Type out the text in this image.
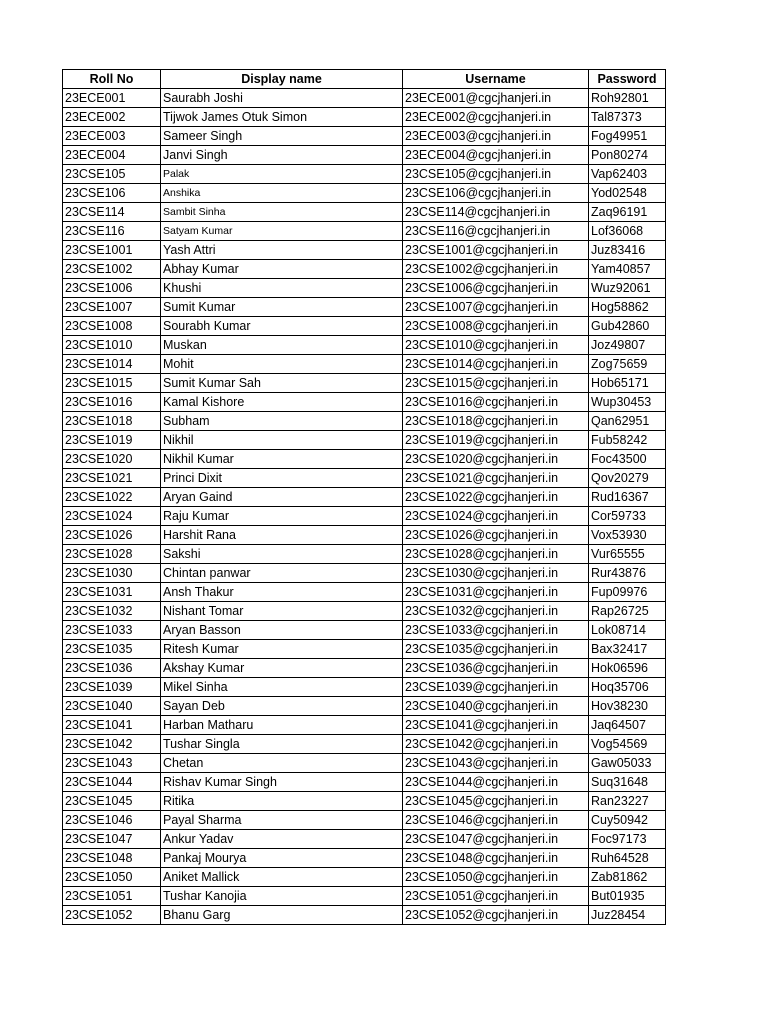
Roll No	Display name	Username	Password
23ECE001	Saurabh Joshi	23ECE001@cgcjhanjeri.in	Roh92801
23ECE002	Tijwok James Otuk Simon	23ECE002@cgcjhanjeri.in	Tal87373
23ECE003	Sameer Singh	23ECE003@cgcjhanjeri.in	Fog49951
23ECE004	Janvi Singh	23ECE004@cgcjhanjeri.in	Pon80274
23CSE105	Palak	23CSE105@cgcjhanjeri.in	Vap62403
23CSE106	Anshika	23CSE106@cgcjhanjeri.in	Yod02548
23CSE114	Sambit Sinha	23CSE114@cgcjhanjeri.in	Zaq96191
23CSE116	Satyam Kumar	23CSE116@cgcjhanjeri.in	Lof36068
23CSE1001	Yash Attri	23CSE1001@cgcjhanjeri.in	Juz83416
23CSE1002	Abhay Kumar	23CSE1002@cgcjhanjeri.in	Yam40857
23CSE1006	Khushi	23CSE1006@cgcjhanjeri.in	Wuz92061
23CSE1007	Sumit Kumar	23CSE1007@cgcjhanjeri.in	Hog58862
23CSE1008	Sourabh Kumar	23CSE1008@cgcjhanjeri.in	Gub42860
23CSE1010	Muskan	23CSE1010@cgcjhanjeri.in	Joz49807
23CSE1014	Mohit	23CSE1014@cgcjhanjeri.in	Zog75659
23CSE1015	Sumit Kumar Sah	23CSE1015@cgcjhanjeri.in	Hob65171
23CSE1016	Kamal Kishore	23CSE1016@cgcjhanjeri.in	Wup30453
23CSE1018	Subham	23CSE1018@cgcjhanjeri.in	Qan62951
23CSE1019	Nikhil	23CSE1019@cgcjhanjeri.in	Fub58242
23CSE1020	Nikhil Kumar	23CSE1020@cgcjhanjeri.in	Foc43500
23CSE1021	Princi Dixit	23CSE1021@cgcjhanjeri.in	Qov20279
23CSE1022	Aryan Gaind	23CSE1022@cgcjhanjeri.in	Rud16367
23CSE1024	Raju Kumar	23CSE1024@cgcjhanjeri.in	Cor59733
23CSE1026	Harshit Rana	23CSE1026@cgcjhanjeri.in	Vox53930
23CSE1028	Sakshi	23CSE1028@cgcjhanjeri.in	Vur65555
23CSE1030	Chintan panwar	23CSE1030@cgcjhanjeri.in	Rur43876
23CSE1031	Ansh Thakur	23CSE1031@cgcjhanjeri.in	Fup09976
23CSE1032	Nishant Tomar	23CSE1032@cgcjhanjeri.in	Rap26725
23CSE1033	Aryan Basson	23CSE1033@cgcjhanjeri.in	Lok08714
23CSE1035	Ritesh Kumar	23CSE1035@cgcjhanjeri.in	Bax32417
23CSE1036	Akshay Kumar	23CSE1036@cgcjhanjeri.in	Hok06596
23CSE1039	Mikel Sinha	23CSE1039@cgcjhanjeri.in	Hoq35706
23CSE1040	Sayan Deb	23CSE1040@cgcjhanjeri.in	Hov38230
23CSE1041	Harban Matharu	23CSE1041@cgcjhanjeri.in	Jaq64507
23CSE1042	Tushar Singla	23CSE1042@cgcjhanjeri.in	Vog54569
23CSE1043	Chetan	23CSE1043@cgcjhanjeri.in	Gaw05033
23CSE1044	Rishav Kumar Singh	23CSE1044@cgcjhanjeri.in	Suq31648
23CSE1045	Ritika	23CSE1045@cgcjhanjeri.in	Ran23227
23CSE1046	Payal Sharma	23CSE1046@cgcjhanjeri.in	Cuy50942
23CSE1047	Ankur Yadav	23CSE1047@cgcjhanjeri.in	Foc97173
23CSE1048	Pankaj Mourya	23CSE1048@cgcjhanjeri.in	Ruh64528
23CSE1050	Aniket Mallick	23CSE1050@cgcjhanjeri.in	Zab81862
23CSE1051	Tushar Kanojia	23CSE1051@cgcjhanjeri.in	But01935
23CSE1052	Bhanu Garg	23CSE1052@cgcjhanjeri.in	Juz28454
